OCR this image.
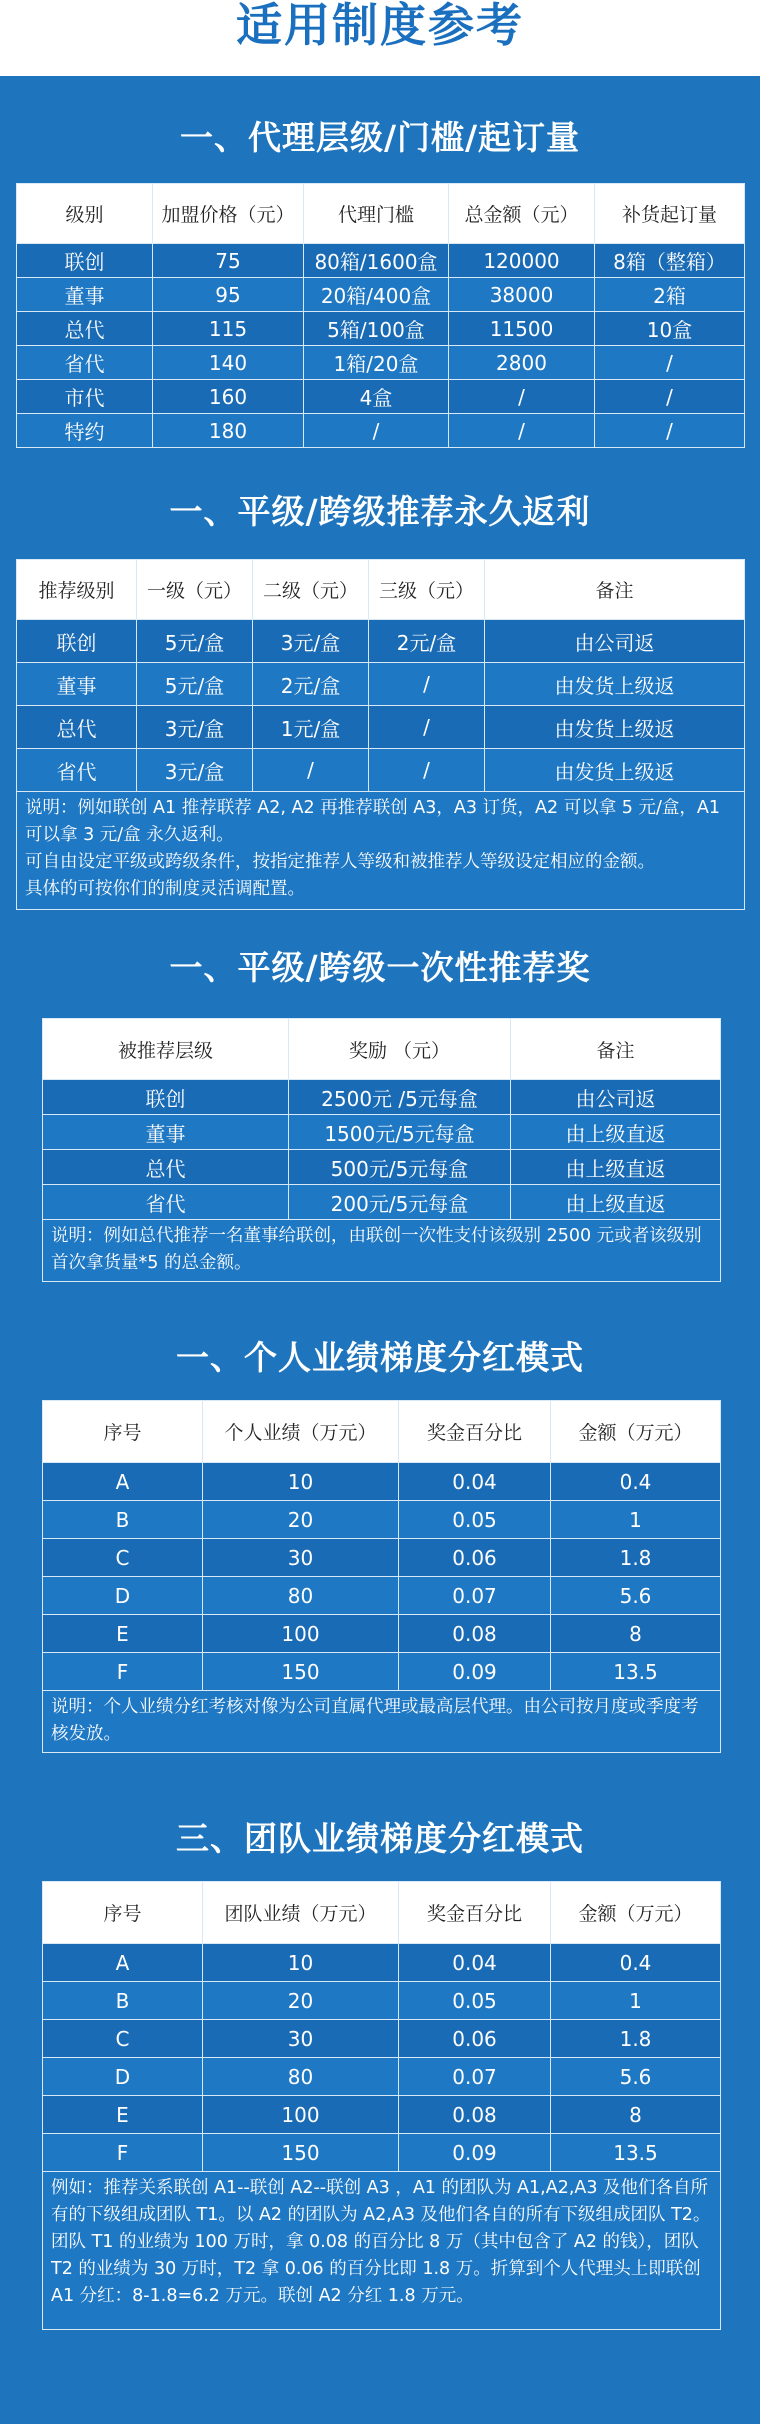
适用制度参考
一、代理层级/门槛/起订量
级别	加盟价格（元）	代理门槛	总金额（元）	补货起订量
联创	75	80箱/1600盒	120000	8箱（整箱）
董事	95	20箱/400盒	38000	2箱
总代	115	5箱/100盒	11500	10盒
省代	140	1箱/20盒	2800	/
市代	160	4盒	/	/
特约	180	/	/	/
一、平级/跨级推荐永久返利
推荐级别	一级（元）	二级（元）	三级（元）	备注
联创	5元/盒	3元/盒	2元/盒	由公司返
董事	5元/盒	2元/盒	/	由发货上级返
总代	3元/盒	1元/盒	/	由发货上级返
省代	3元/盒	/	/	由发货上级返

说明：例如联创 A1 推荐联荐 A2, A2 再推荐联创 A3，A3 订货，A2 可以拿 5 元/盒，A1 可以拿 3 元/盒 永久返利。
可自由设定平级或跨级条件，按指定推荐人等级和被推荐人等级设定相应的金额。
具体的可按你们的制度灵活调配置。				
一、平级/跨级一次性推荐奖
被推荐层级	奖励 （元）	备注
联创	2500元 /5元每盒	由公司返
董事	1500元/5元每盒	由上级直返
总代	500元/5元每盒	由上级直返
省代	200元/5元每盒	由上级直返

说明：例如总代推荐一名董事给联创，由联创一次性支付该级别 2500 元或者该级别首次拿货量*5 的总金额。		
一、个人业绩梯度分红模式
序号	个人业绩（万元）	奖金百分比	金额（万元）
A	10	0.04	0.4
B	20	0.05	1
C	30	0.06	1.8
D	80	0.07	5.6
E	100	0.08	8
F	150	0.09	13.5

说明：个人业绩分红考核对像为公司直属代理或最高层代理。由公司按月度或季度考核发放。			
三、团队业绩梯度分红模式
序号	团队业绩（万元）	奖金百分比	金额（万元）
A	10	0.04	0.4
B	20	0.05	1
C	30	0.06	1.8
D	80	0.07	5.6
E	100	0.08	8
F	150	0.09	13.5

例如：推荐关系联创 A1--联创 A2--联创 A3 ，A1 的团队为 A1,A2,A3 及他们各自所有的下级组成团队 T1。以 A2 的团队为 A2,A3 及他们各自的所有下级组成团队 T2。团队 T1 的业绩为 100 万时，拿 0.08 的百分比 8 万（其中包含了 A2 的钱），团队 T2 的业绩为 30 万时，T2 拿 0.06 的百分比即 1.8 万。折算到个人代理头上即联创 A1 分红：8-1.8=6.2 万元。联创 A2 分红 1.8 万元。			
